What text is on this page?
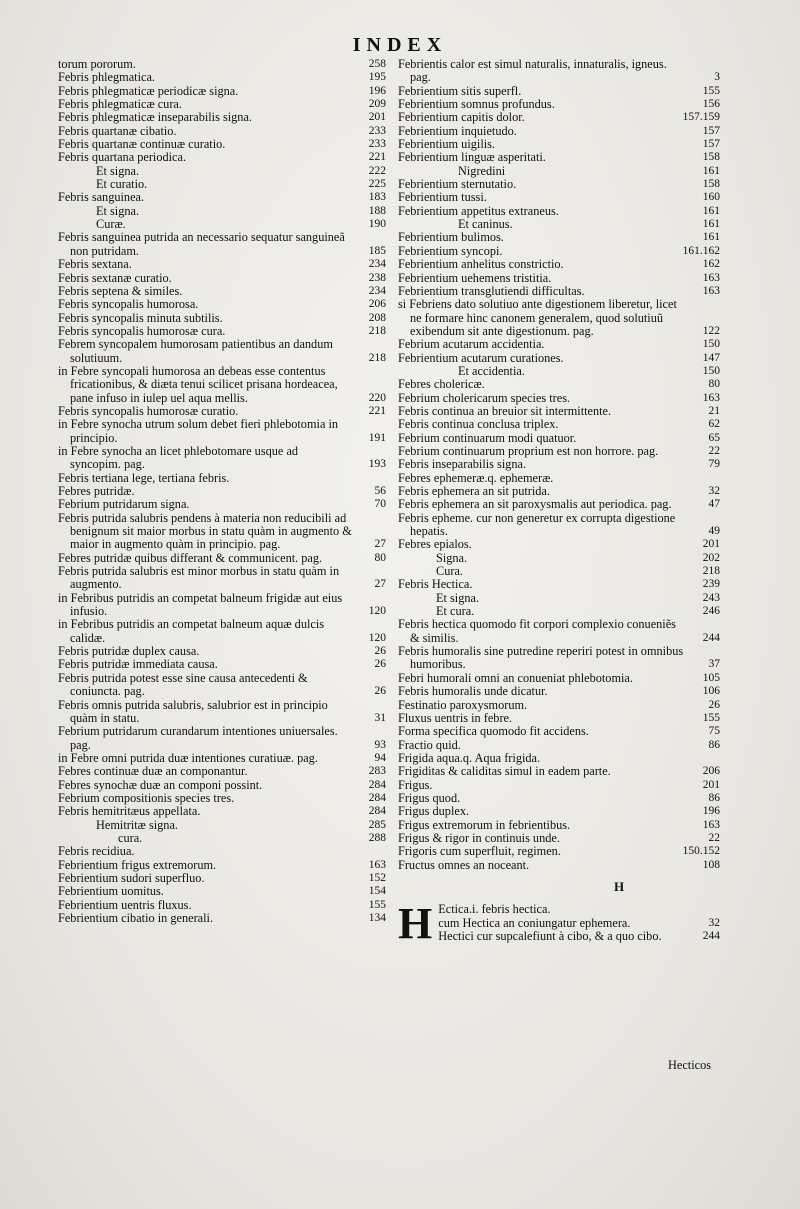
INDEX
torum pororum.	258
Febris phlegmatica.	195
Febris phlegmaticæ periodicæ signa.	196
Febris phlegmaticæ cura.	209
Febris phlegmaticæ inseparabilis signa.	201
Febris quartanæ cibatio.	233
Febris quartanæ continuæ curatio.	233
Febris quartana periodica.	221
Et signa.	222
Et curatio.	225
Febris sanguinea.	183
Et signa.	188
Curæ.	190
Febris sanguinea putrida an necessario sequatur sanguineã non putridam.	185
Febris sextana.	234
Febris sextanæ curatio.	238
Febris septena & similes.	234
Febris syncopalis humorosa.	206
Febris syncopalis minuta subtilis.	208
Febris syncopalis humorosæ cura.	218
Febrem syncopalem humorosam patientibus an dandum solutiuum.	218
in Febre syncopali humorosa an debeas esse contentus fricationibus, & diæta tenui scilicet prisana hordeacea, pane infuso in iulep uel aqua mellis.	220
Febris syncopalis humorosæ curatio.	221
in Febre synocha utrum solum debet fieri phlebotomia in principio.	191
in Febre synocha an licet phlebotomare usque ad syncopim. pag.	193
Febris tertiana lege, tertiana febris.
Febres putridæ.	56
Febrium putridarum signa.	70
Febris putrida salubris pendens à materia non reducibili ad benignum sit maior morbus in statu quàm in augmento & maior in augmento quàm in principio. pag.	27
Febres putridæ quibus differant & communicent. pag.	80
Febris putrida salubris est minor morbus in statu quàm in augmento.	27
in Febribus putridis an competat balneum frigidæ aut eius infusio.	120
in Febribus putridis an competat balneum aquæ dulcis calidæ.	120
Febris putridæ duplex causa.	26
Febris putridæ immediata causa.	26
Febris putrida potest esse sine causa antecedenti & coniuncta. pag.	26
Febris omnis putrida salubris, salubrior est in principio quàm in statu.	31
Febrium putridarum curandarum intentiones uniuersales. pag.	93
in Febre omni putrida duæ intentiones curatiuæ. pag.	94
Febres continuæ duæ an componantur.	283
Febres synochæ duæ an componi possint.	284
Febrium compositionis species tres.	284
Febris hemitritæus appellata.	284
Hemitritæ signa.	285
cura.	288
Febris recidiua.
Febrientium frigus extremorum.	163
Febrientium sudori superfluo.	152
Febrientium uomitus.	154
Febrientium uentris fluxus.	155
Febrientium cibatio in generali.	134
Febrientis calor est simul naturalis, innaturalis, igneus. pag.	3
Febrientium sitis superfl.	155
Febrientium somnus profundus.	156
Febrientium capitis dolor.	157.159
Febrientium inquietudo.	157
Febrientium uigilis.	157
Febrientium linguæ asperitati.	158
Nigredini	161
Febrientium sternutatio.	158
Febrientium tussi.	160
Febrientium appetitus extraneus.	161
Et caninus.	161
Febrientium bulimos.	161
Febrientium syncopi.	161.162
Febrientium anhelitus constrictio.	162
Febrientium uehemens tristitia.	163
Febrientium transglutiendi difficultas.	163
si Febriens dato solutiuo ante digestionem liberetur, licet ne formare hinc canonem generalem, quod solutiuũ exibendum sit ante digestionum. pag.	122
Febrium acutarum accidentia.	150
Febrientium acutarum curationes.	147
Et accidentia.	150
Febres cholericæ.	80
Febrium cholericarum species tres.	163
Febris continua an breuior sit intermittente.	21
Febris continua conclusa triplex.	62
Febrium continuarum modi quatuor.	65
Febrium continuarum proprium est non horrore. pag.	22
Febris inseparabilis signa.	79
Febres ephemeræ.q. ephemeræ.
Febris ephemera an sit putrida.	32
Febris ephemera an sit paroxysmalis aut periodica. pag.	47
Febris epheme. cur non generetur ex corrupta digestione hepatis.	49
Febres epialos.	201
Signa.	202
Cura.	218
Febris Hectica.	239
Et signa.	243
Et cura.	246
Febris hectica quomodo fit corpori complexio conueniẽs & similis.	244
Febris humoralis sine putredine reperiri potest in omnibus humoribus.	37
Febri humorali omni an conueniat phlebotomia.	105
Febris humoralis unde dicatur.	106
Festinatio paroxysmorum.	26
Fluxus uentris in febre.	155
Forma specifica quomodo fit accidens.	75
Fractio quid.	86
Frigida aqua.q. Aqua frigida.
Frigiditas & caliditas simul in eadem parte.	206
Frigus.	201
Frigus quod.	86
Frigus duplex.	196
Frigus extremorum in febrientibus.	163
Frigus & rigor in continuis unde.	22
Frigoris cum superfluit, regimen.	150.152
Fructus omnes an noceant.	108
H
H Ectica.i. febris hectica.
cum Hectica an coniungatur ephemera.	32
Hectici cur supcalefiunt à cibo, & a quo cibo.	244
Hecticos
